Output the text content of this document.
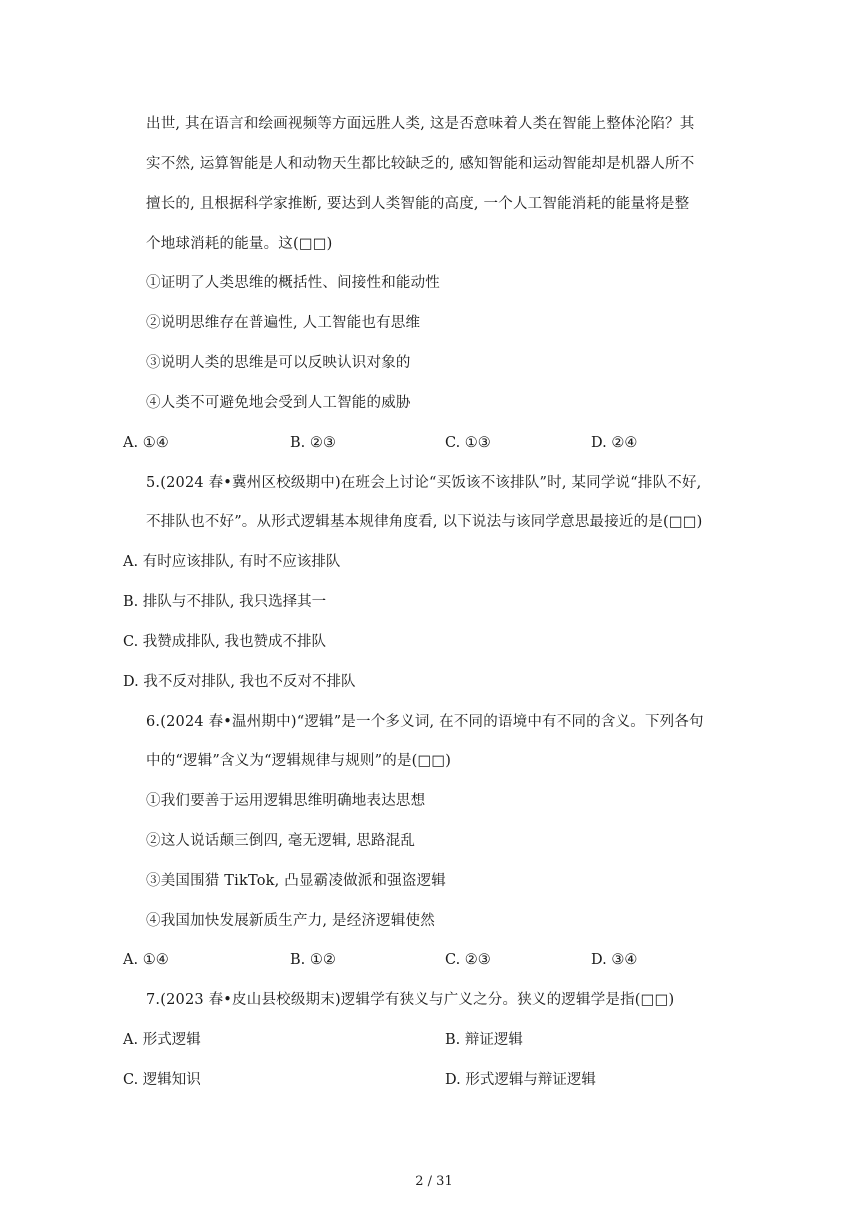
出世, 其在语言和绘画视频等方面远胜人类, 这是否意味着人类在智能上整体沦陷？其
实不然, 运算智能是人和动物天生都比较缺乏的, 感知智能和运动智能却是机器人所不
擅长的, 且根据科学家推断, 要达到人类智能的高度, 一个人工智能消耗的能量将是整
个地球消耗的能量。这(□□)
①证明了人类思维的概括性、间接性和能动性
②说明思维存在普遍性, 人工智能也有思维
③说明人类的思维是可以反映认识对象的
④人类不可避免地会受到人工智能的威胁
A. ①④	B. ②③	C. ①③	D. ②④
5.(2024 春•冀州区校级期中)在班会上讨论“买饭该不该排队”时, 某同学说“排队不好,
不排队也不好”。从形式逻辑基本规律角度看, 以下说法与该同学意思最接近的是(□□)
A. 有时应该排队, 有时不应该排队
B. 排队与不排队, 我只选择其一
C. 我赞成排队, 我也赞成不排队
D. 我不反对排队, 我也不反对不排队
6.(2024 春•温州期中)“逻辑”是一个多义词, 在不同的语境中有不同的含义。下列各句
中的“逻辑”含义为“逻辑规律与规则”的是(□□)
①我们要善于运用逻辑思维明确地表达思想
②这人说话颠三倒四, 毫无逻辑, 思路混乱
③美国围猎 TikTok, 凸显霸凌做派和强盗逻辑
④我国加快发展新质生产力, 是经济逻辑使然
A. ①④	B. ①②	C. ②③	D. ③④
7.(2023 春•皮山县校级期末)逻辑学有狭义与广义之分。狭义的逻辑学是指(□□)
A. 形式逻辑	B. 辩证逻辑
C. 逻辑知识	D. 形式逻辑与辩证逻辑
2 / 31
